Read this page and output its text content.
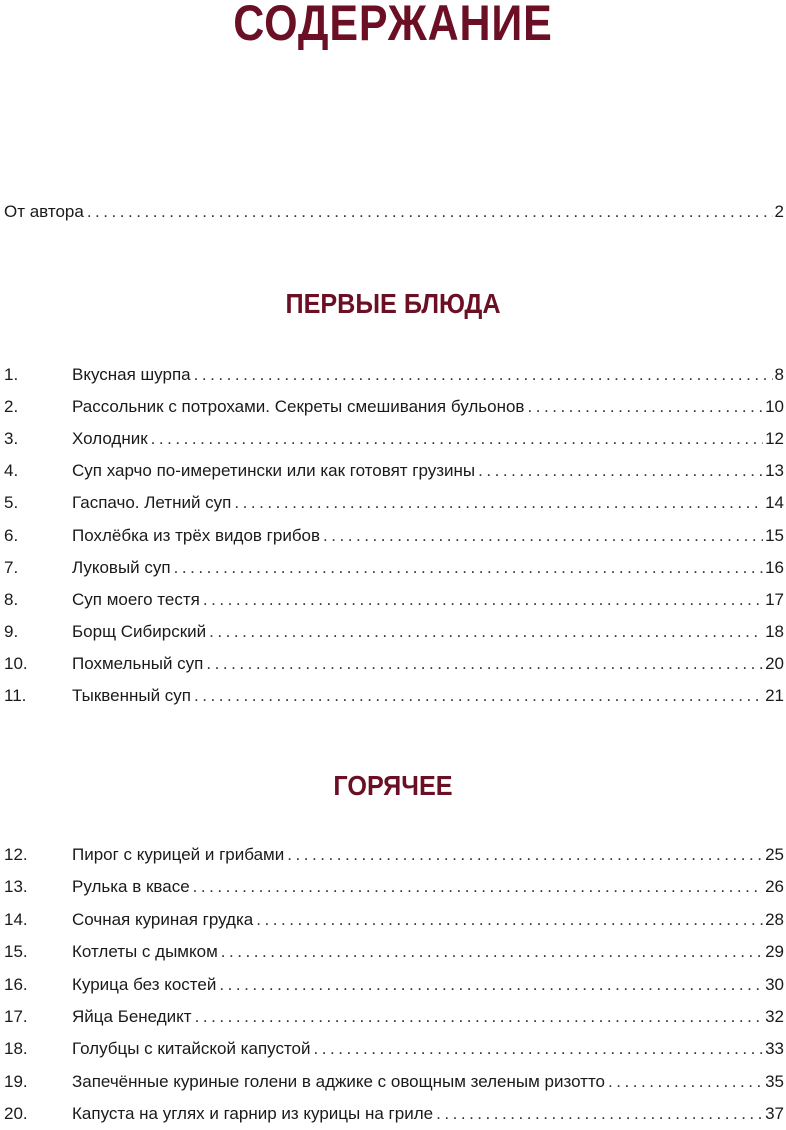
СОДЕРЖАНИЕ
От автора . . .	2
ПЕРВЫЕ БЛЮДА
1.	Вкусная шурпа . . .	8
2.	Рассольник с потрохами. Секреты смешивания бульонов . . .	10
3.	Холодник . . .	12
4.	Суп харчо по-имеретински или как готовят грузины . . .	13
5.	Гаспачо. Летний суп . . .	14
6.	Похлёбка из трёх видов грибов . . .	15
7.	Луковый суп . . .	16
8.	Суп моего тестя . . .	17
9.	Борщ Сибирский . . .	18
10.	Похмельный суп . . .	20
11.	Тыквенный суп . . .	21
ГОРЯЧЕЕ
12.	Пирог с курицей и грибами . . .	25
13.	Рулька в квасе . . .	26
14.	Сочная куриная грудка . . .	28
15.	Котлеты с дымком . . .	29
16.	Курица без костей . . .	30
17.	Яйца Бенедикт . . .	32
18.	Голубцы с китайской капустой . . .	33
19.	Запечённые куриные голени в аджике с овощным зеленым ризотто . . .	35
20.	Капуста на углях и гарнир из курицы на гриле . . .	37
